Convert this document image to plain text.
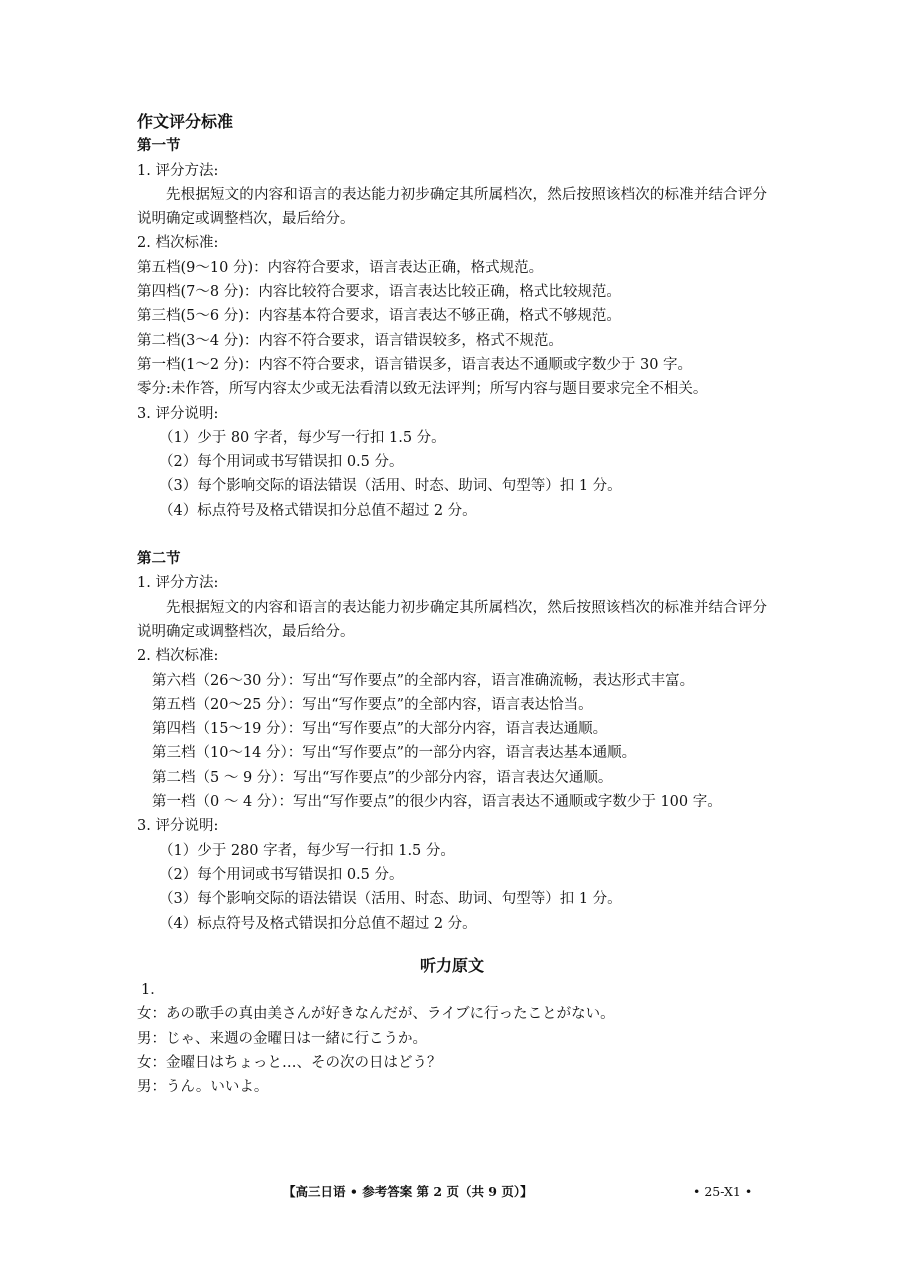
作文评分标准
第一节
1. 评分方法:
先根据短文的内容和语言的表达能力初步确定其所属档次，然后按照该档次的标准并结合评分说明确定或调整档次，最后给分。
2. 档次标准:
第五档(9～10 分)：内容符合要求，语言表达正确，格式规范。
第四档(7～8 分)：内容比较符合要求，语言表达比较正确，格式比较规范。
第三档(5～6 分)：内容基本符合要求，语言表达不够正确，格式不够规范。
第二档(3～4 分)：内容不符合要求，语言错误较多，格式不规范。
第一档(1～2 分)：内容不符合要求，语言错误多，语言表达不通顺或字数少于 30 字。
零分:未作答，所写内容太少或无法看清以致无法评判；所写内容与题目要求完全不相关。
3. 评分说明:
（1）少于 80 字者，每少写一行扣 1.5 分。
（2）每个用词或书写错误扣 0.5 分。
（3）每个影响交际的语法错误（活用、时态、助词、句型等）扣 1 分。
（4）标点符号及格式错误扣分总值不超过 2 分。
第二节
1. 评分方法:
先根据短文的内容和语言的表达能力初步确定其所属档次，然后按照该档次的标准并结合评分说明确定或调整档次，最后给分。
2. 档次标准:
第六档（26～30 分）：写出“写作要点”的全部内容，语言准确流畅，表达形式丰富。
第五档（20～25 分）：写出“写作要点”的全部内容，语言表达恰当。
第四档（15～19 分）：写出“写作要点”的大部分内容，语言表达通顺。
第三档（10～14 分）：写出“写作要点”的一部分内容，语言表达基本通顺。
第二档（5 ～ 9 分）：写出“写作要点”的少部分内容，语言表达欠通顺。
第一档（0 ～ 4 分）：写出“写作要点”的很少内容，语言表达不通顺或字数少于 100 字。
3. 评分说明:
（1）少于 280 字者，每少写一行扣 1.5 分。
（2）每个用词或书写错误扣 0.5 分。
（3）每个影响交际的语法错误（活用、时态、助词、句型等）扣 1 分。
（4）标点符号及格式错误扣分总值不超过 2 分。
听力原文
1．
女：あの歌手の真由美さんが好きなんだが、ライブに行ったことがない。
男：じゃ、来週の金曜日は一緒に行こうか。
女：金曜日はちょっと…、その次の日はどう？
男：うん。いいよ。
【高三日语 • 参考答案 第 2 页（共 9 页）】	• 25-X1 •
